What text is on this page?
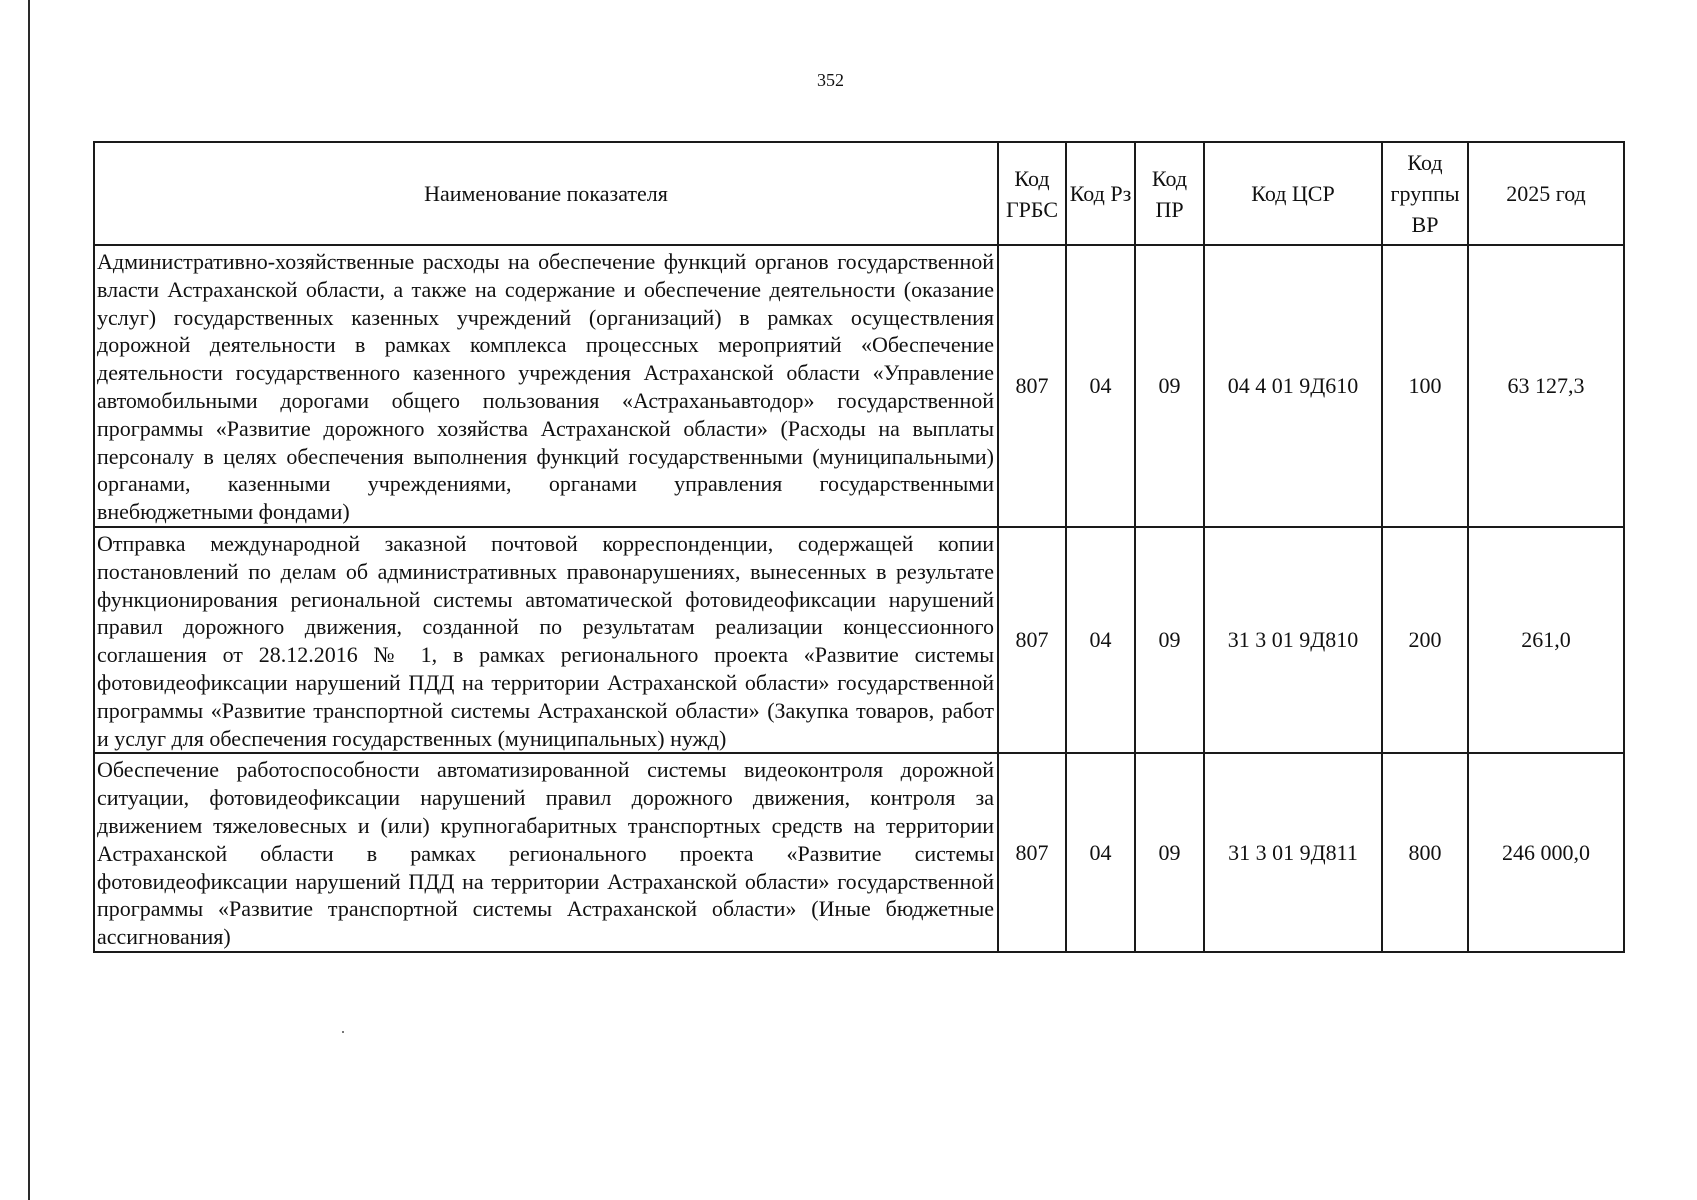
352
Наименование показателя	Код ГРБС	Код Рз	Код ПР	Код ЦСР	Код группы ВР	2025 год
Административно-хозяйственные расходы на обеспечение функций органов государственной власти Астраханской области, а также на содержание и обеспечение деятельности (оказание услуг) государственных казенных учреждений (организаций) в рамках осуществления дорожной деятельности в рамках комплекса процессных мероприятий «Обеспечение деятельности государственного казенного учреждения Астраханской области «Управление автомобильными дорогами общего пользования «Астраханьавтодор» государственной программы «Развитие дорожного хозяйства Астраханской области» (Расходы на выплаты персоналу в целях обеспечения выполнения функций государственными (муниципальными) органами, казенными учреждениями, органами управления государственными внебюджетными фондами)	807	04	09	04 4 01 9Д610	100	63 127,3
Отправка международной заказной почтовой корреспонденции, содержащей копии постановлений по делам об административных правонарушениях, вынесенных в результате функционирования региональной системы автоматической фотовидеофиксации нарушений правил дорожного движения, созданной по результатам реализации концессионного соглашения от 28.12.2016 № 1, в рамках регионального проекта «Развитие системы фотовидеофиксации нарушений ПДД на территории Астраханской области» государственной программы «Развитие транспортной системы Астраханской области» (Закупка товаров, работ и услуг для обеспечения государственных (муниципальных) нужд)	807	04	09	31 3 01 9Д810	200	261,0
Обеспечение работоспособности автоматизированной системы видеоконтроля дорожной ситуации, фотовидеофиксации нарушений правил дорожного движения, контроля за движением тяжеловесных и (или) крупногабаритных транспортных средств на территории Астраханской области в рамках регионального проекта «Развитие системы фотовидеофиксации нарушений ПДД на территории Астраханской области» государственной программы «Развитие транспортной системы Астраханской области» (Иные бюджетные ассигнования)	807	04	09	31 3 01 9Д811	800	246 000,0
